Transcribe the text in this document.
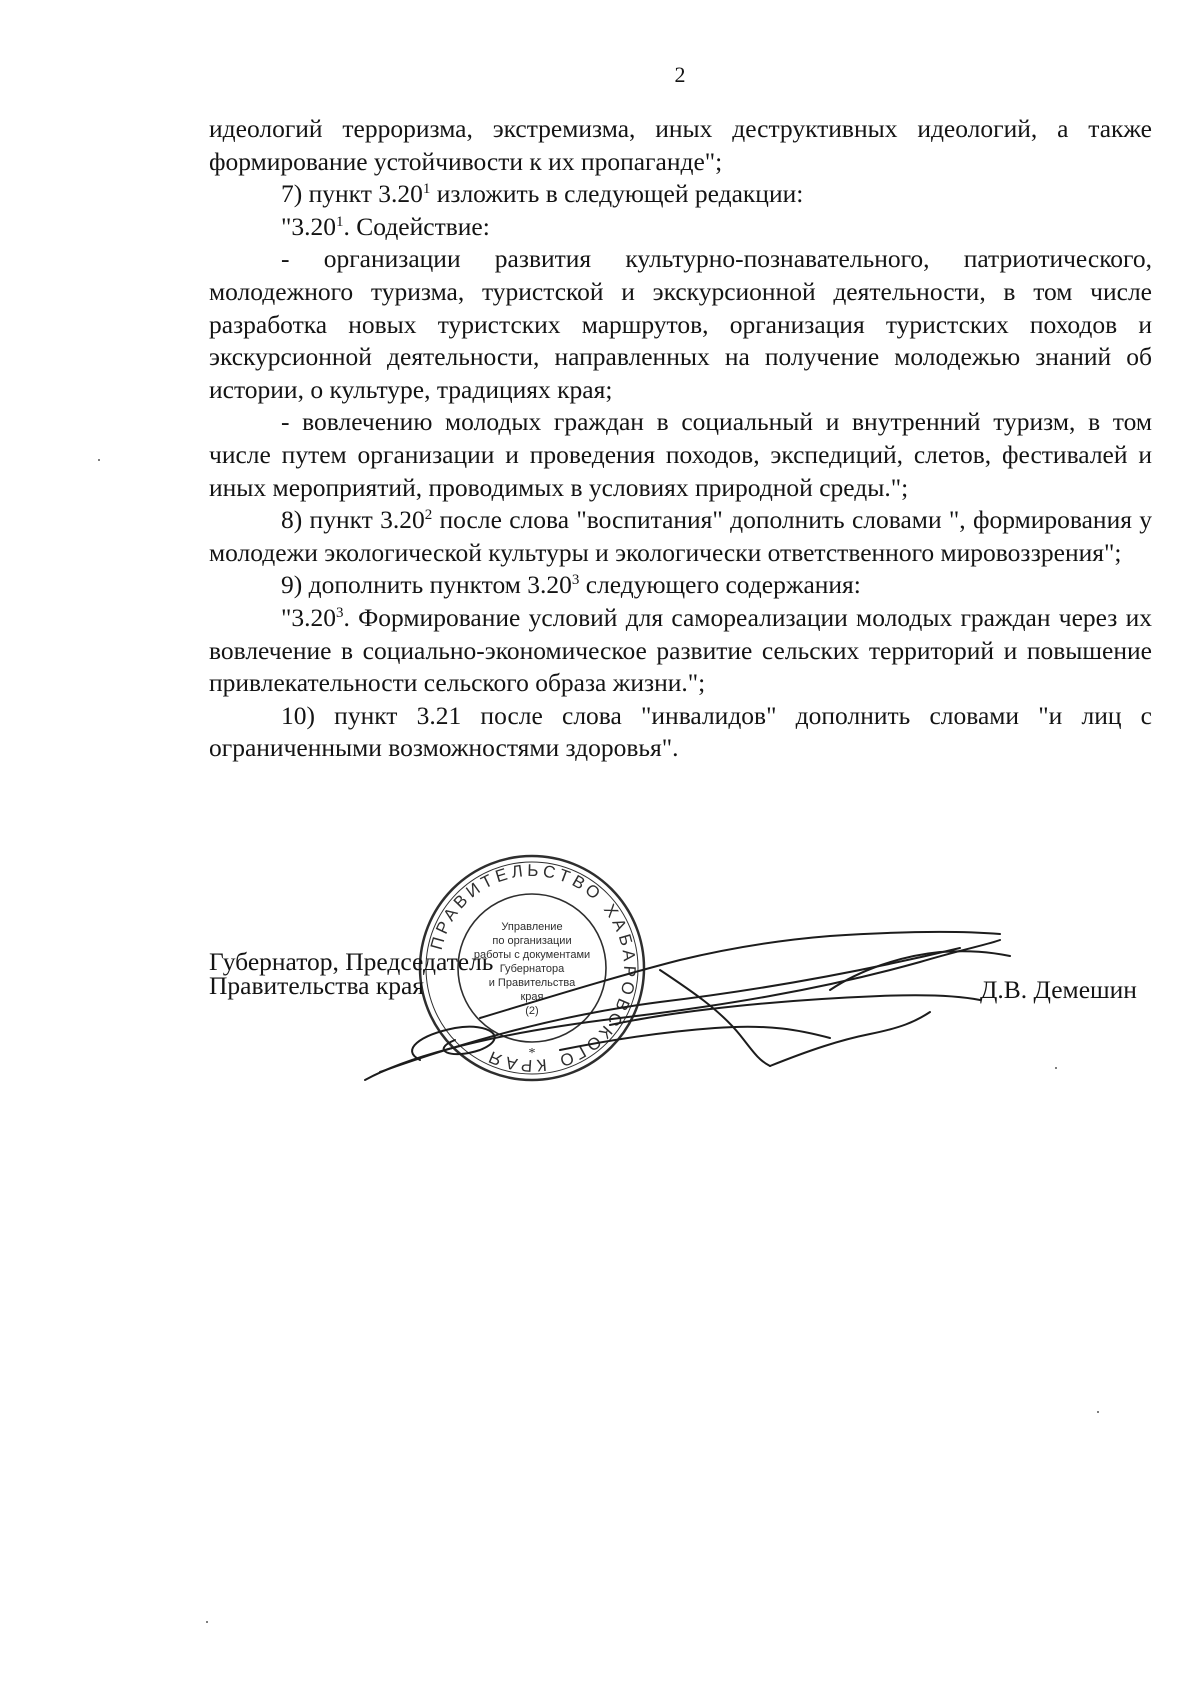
2

идеологий терроризма, экстремизма, иных деструктивных идеологий, а также формирование устойчивости к их пропаганде";

7) пункт 3.20$^1$ изложить в следующей редакции:

"3.20$^1$. Содействие:

- организации развития культурно-познавательного, патриотического, молодежного туризма, туристской и экскурсионной деятельности, в том числе разработка новых туристских маршрутов, организация туристских походов и экскурсионной деятельности, направленных на получение молодежью знаний об истории, о культуре, традициях края;

- вовлечению молодых граждан в социальный и внутренний туризм, в том числе путем организации и проведения походов, экспедиций, слетов, фестивалей и иных мероприятий, проводимых в условиях природной среды.";

8) пункт 3.20$^2$ после слова "воспитания" дополнить словами ", формирования у молодежи экологической культуры и экологически ответственного мировоззрения";

9) дополнить пунктом 3.20$^3$ следующего содержания:

"3.20$^3$. Формирование условий для самореализации молодых граждан через их вовлечение в социально-экономическое развитие сельских территорий и повышение привлекательности сельского образа жизни.";

10) пункт 3.21 после слова "инвалидов" дополнить словами "и лиц с ограниченными возможностями здоровья".

ПРАВИТЕЛЬСТВО ХАБАРОВСКОГО КРАЯ
Управление
по организации
работы с документами
Губернатора
и Правительства
края
(2)
*
Губернатор, Председатель
Правительства края	Д.В. Демешин
